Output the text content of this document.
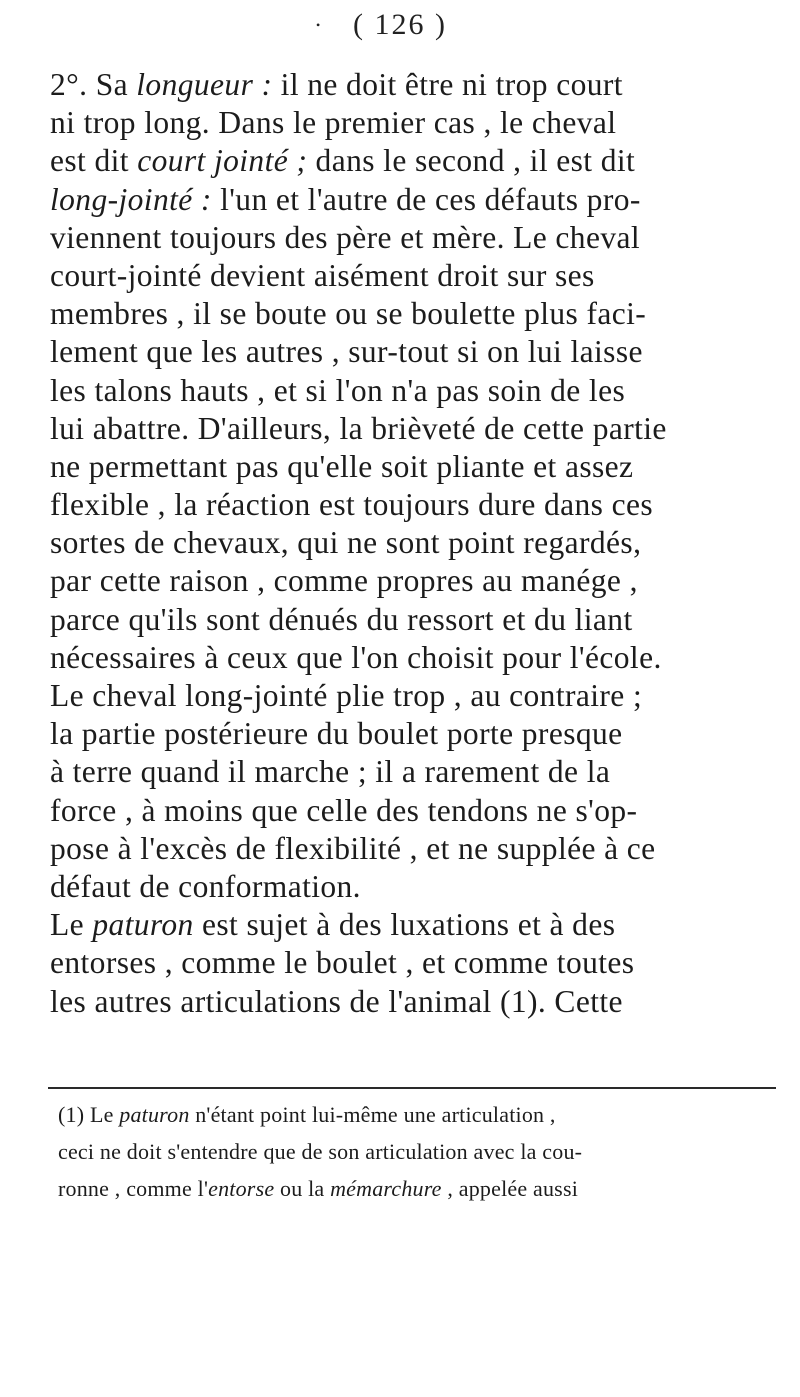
• ( 126 )
2°. Sa longueur : il ne doit être ni trop court
ni trop long. Dans le premier cas , le cheval
est dit court jointé ; dans le second , il est dit
long-jointé : l'un et l'autre de ces défauts pro-
viennent toujours des père et mère. Le cheval
court-jointé devient aisément droit sur ses
membres , il se boute ou se boulette plus faci-
lement que les autres , sur-tout si on lui laisse
les talons hauts , et si l'on n'a pas soin de les
lui abattre. D'ailleurs, la brièveté de cette partie
ne permettant pas qu'elle soit pliante et assez
flexible , la réaction est toujours dure dans ces
sortes de chevaux, qui ne sont point regardés,
par cette raison , comme propres au manége ,
parce qu'ils sont dénués du ressort et du liant
nécessaires à ceux que l'on choisit pour l'école.
Le cheval long-jointé plie trop , au contraire ;
la partie postérieure du boulet porte presque
à terre quand il marche ; il a rarement de la
force , à moins que celle des tendons ne s'op-
pose à l'excès de flexibilité , et ne supplée à ce
défaut de conformation.
Le paturon est sujet à des luxations et à des
entorses , comme le boulet , et comme toutes
les autres articulations de l'animal (1). Cette
(1) Le paturon n'étant point lui-même une articulation ,
ceci ne doit s'entendre que de son articulation avec la cou-
ronne , comme l'entorse ou la mémarchure , appelée aussi
